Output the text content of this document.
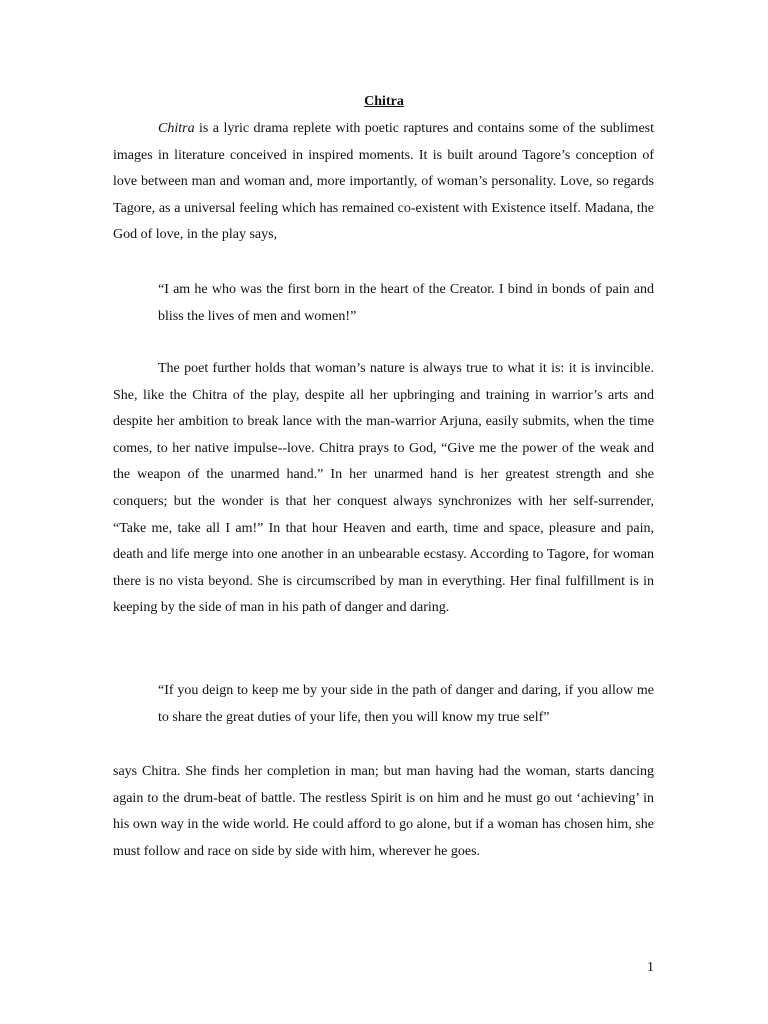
Chitra

Chitra is a lyric drama replete with poetic raptures and contains some of the sublimest images in literature conceived in inspired moments. It is built around Tagore’s conception of love between man and woman and, more importantly, of woman’s personality. Love, so regards Tagore, as a universal feeling which has remained co-existent with Existence itself. Madana, the God of love, in the play says,

“I am he who was the first born in the heart of the Creator. I bind in bonds of pain and bliss the lives of men and women!”

The poet further holds that woman’s nature is always true to what it is: it is invincible. She, like the Chitra of the play, despite all her upbringing and training in warrior’s arts and despite her ambition to break lance with the man-warrior Arjuna, easily submits, when the time comes, to her native impulse--love. Chitra prays to God, “Give me the power of the weak and the weapon of the unarmed hand.” In her unarmed hand is her greatest strength and she conquers; but the wonder is that her conquest always synchronizes with her self-surrender, “Take me, take all I am!” In that hour Heaven and earth, time and space, pleasure and pain, death and life merge into one another in an unbearable ecstasy. According to Tagore, for woman there is no vista beyond. She is circumscribed by man in everything. Her final fulfillment is in keeping by the side of man in his path of danger and daring.

“If you deign to keep me by your side in the path of danger and daring, if you allow me to share the great duties of your life, then you will know my true self”

says Chitra. She finds her completion in man; but man having had the woman, starts dancing again to the drum-beat of battle. The restless Spirit is on him and he must go out ‘achieving’ in his own way in the wide world. He could afford to go alone, but if a woman has chosen him, she must follow and race on side by side with him, wherever he goes.

1
